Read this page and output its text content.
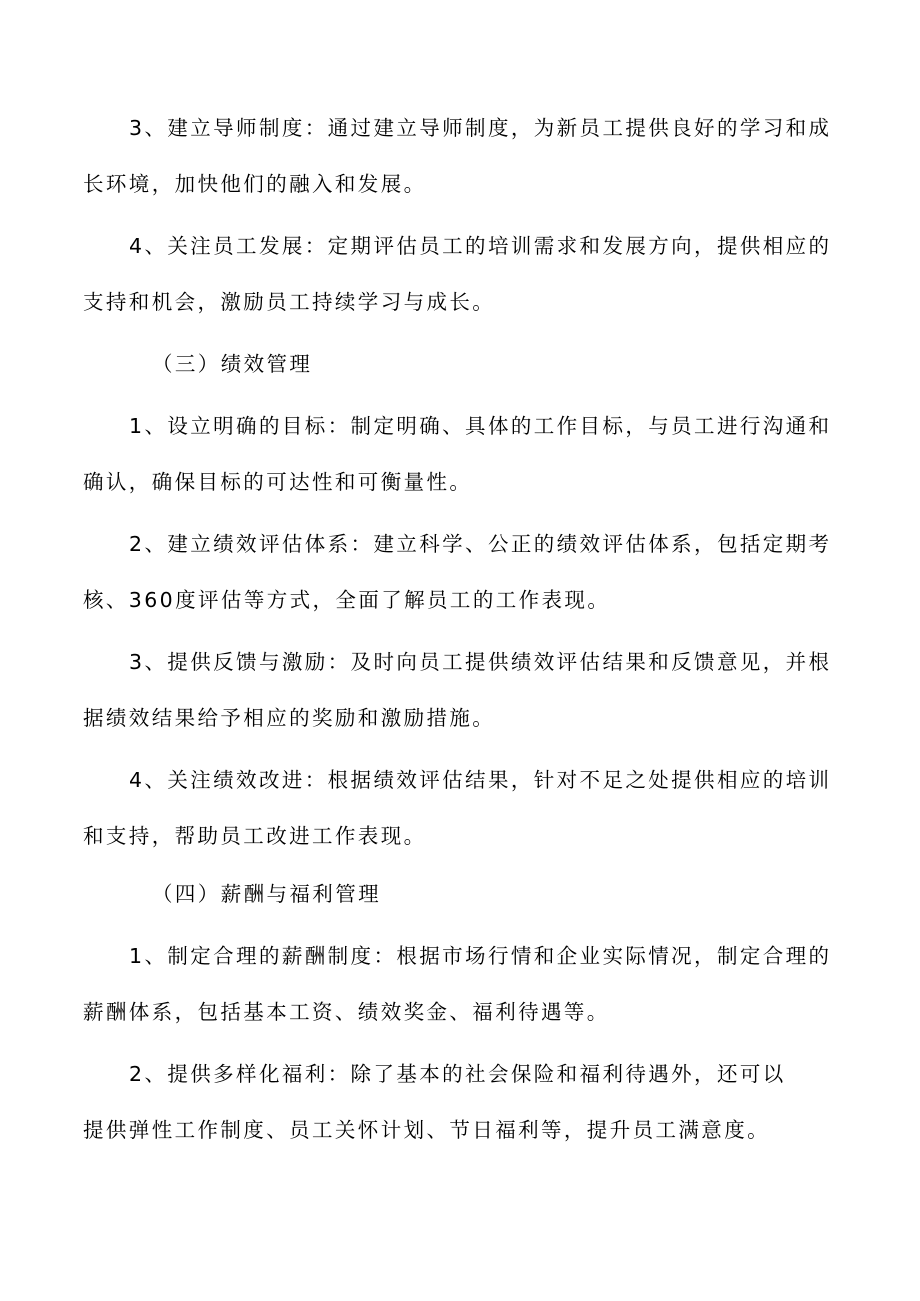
3、建立导师制度：通过建立导师制度，为新员工提供良好的学习和成
长环境，加快他们的融入和发展。

4、关注员工发展：定期评估员工的培训需求和发展方向，提供相应的
支持和机会，激励员工持续学习与成长。

（三）绩效管理

1、设立明确的目标：制定明确、具体的工作目标，与员工进行沟通和
确认，确保目标的可达性和可衡量性。

2、建立绩效评估体系：建立科学、公正的绩效评估体系，包括定期考
核、360度评估等方式，全面了解员工的工作表现。

3、提供反馈与激励：及时向员工提供绩效评估结果和反馈意见，并根
据绩效结果给予相应的奖励和激励措施。

4、关注绩效改进：根据绩效评估结果，针对不足之处提供相应的培训
和支持，帮助员工改进工作表现。

（四）薪酬与福利管理

1、制定合理的薪酬制度：根据市场行情和企业实际情况，制定合理的
薪酬体系，包括基本工资、绩效奖金、福利待遇等。

2、提供多样化福利：除了基本的社会保险和福利待遇外，还可以
提供弹性工作制度、员工关怀计划、节日福利等，提升员工满意度。
